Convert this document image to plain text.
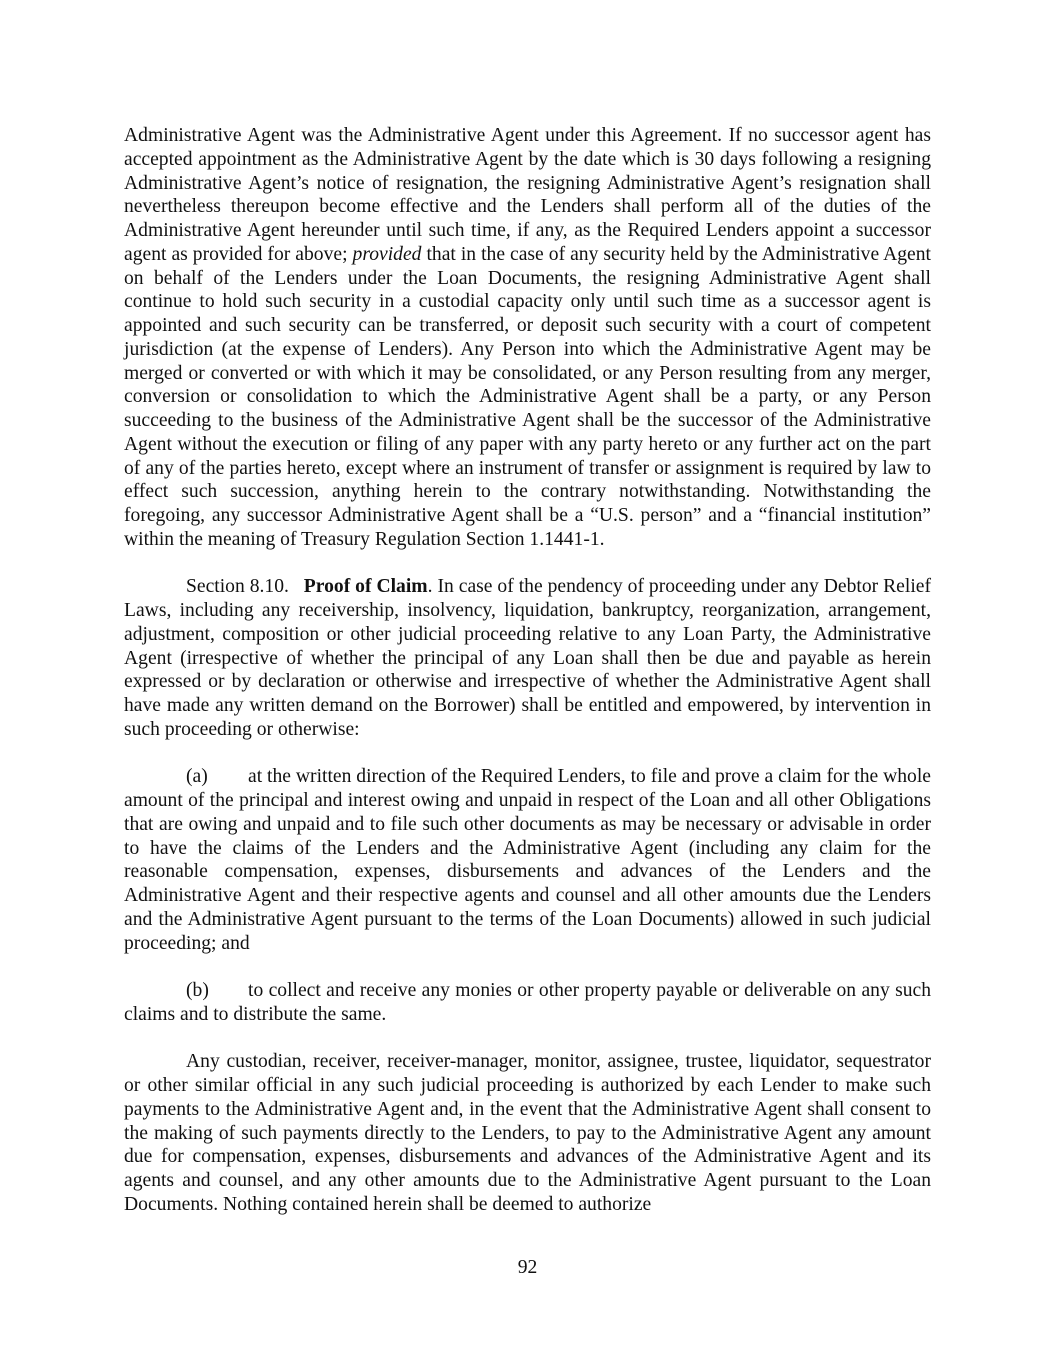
Administrative Agent was the Administrative Agent under this Agreement. If no successor agent has accepted appointment as the Administrative Agent by the date which is 30 days following a resigning Administrative Agent’s notice of resignation, the resigning Administrative Agent’s resignation shall nevertheless thereupon become effective and the Lenders shall perform all of the duties of the Administrative Agent hereunder until such time, if any, as the Required Lenders appoint a successor agent as provided for above; provided that in the case of any security held by the Administrative Agent on behalf of the Lenders under the Loan Documents, the resigning Administrative Agent shall continue to hold such security in a custodial capacity only until such time as a successor agent is appointed and such security can be transferred, or deposit such security with a court of competent jurisdiction (at the expense of Lenders). Any Person into which the Administrative Agent may be merged or converted or with which it may be consolidated, or any Person resulting from any merger, conversion or consolidation to which the Administrative Agent shall be a party, or any Person succeeding to the business of the Administrative Agent shall be the successor of the Administrative Agent without the execution or filing of any paper with any party hereto or any further act on the part of any of the parties hereto, except where an instrument of transfer or assignment is required by law to effect such succession, anything herein to the contrary notwithstanding. Notwithstanding the foregoing, any successor Administrative Agent shall be a “U.S. person” and a “financial institution” within the meaning of Treasury Regulation Section 1.1441-1.

Section 8.10.   Proof of Claim. In case of the pendency of proceeding under any Debtor Relief Laws, including any receivership, insolvency, liquidation, bankruptcy, reorganization, arrangement, adjustment, composition or other judicial proceeding relative to any Loan Party, the Administrative Agent (irrespective of whether the principal of any Loan shall then be due and payable as herein expressed or by declaration or otherwise and irrespective of whether the Administrative Agent shall have made any written demand on the Borrower) shall be entitled and empowered, by intervention in such proceeding or otherwise:

(a) at the written direction of the Required Lenders, to file and prove a claim for the whole amount of the principal and interest owing and unpaid in respect of the Loan and all other Obligations that are owing and unpaid and to file such other documents as may be necessary or advisable in order to have the claims of the Lenders and the Administrative Agent (including any claim for the reasonable compensation, expenses, disbursements and advances of the Lenders and the Administrative Agent and their respective agents and counsel and all other amounts due the Lenders and the Administrative Agent pursuant to the terms of the Loan Documents) allowed in such judicial proceeding; and

(b) to collect and receive any monies or other property payable or deliverable on any such claims and to distribute the same.

Any custodian, receiver, receiver-manager, monitor, assignee, trustee, liquidator, sequestrator or other similar official in any such judicial proceeding is authorized by each Lender to make such payments to the Administrative Agent and, in the event that the Administrative Agent shall consent to the making of such payments directly to the Lenders, to pay to the Administrative Agent any amount due for compensation, expenses, disbursements and advances of the Administrative Agent and its agents and counsel, and any other amounts due to the Administrative Agent pursuant to the Loan Documents. Nothing contained herein shall be deemed to authorize

92
